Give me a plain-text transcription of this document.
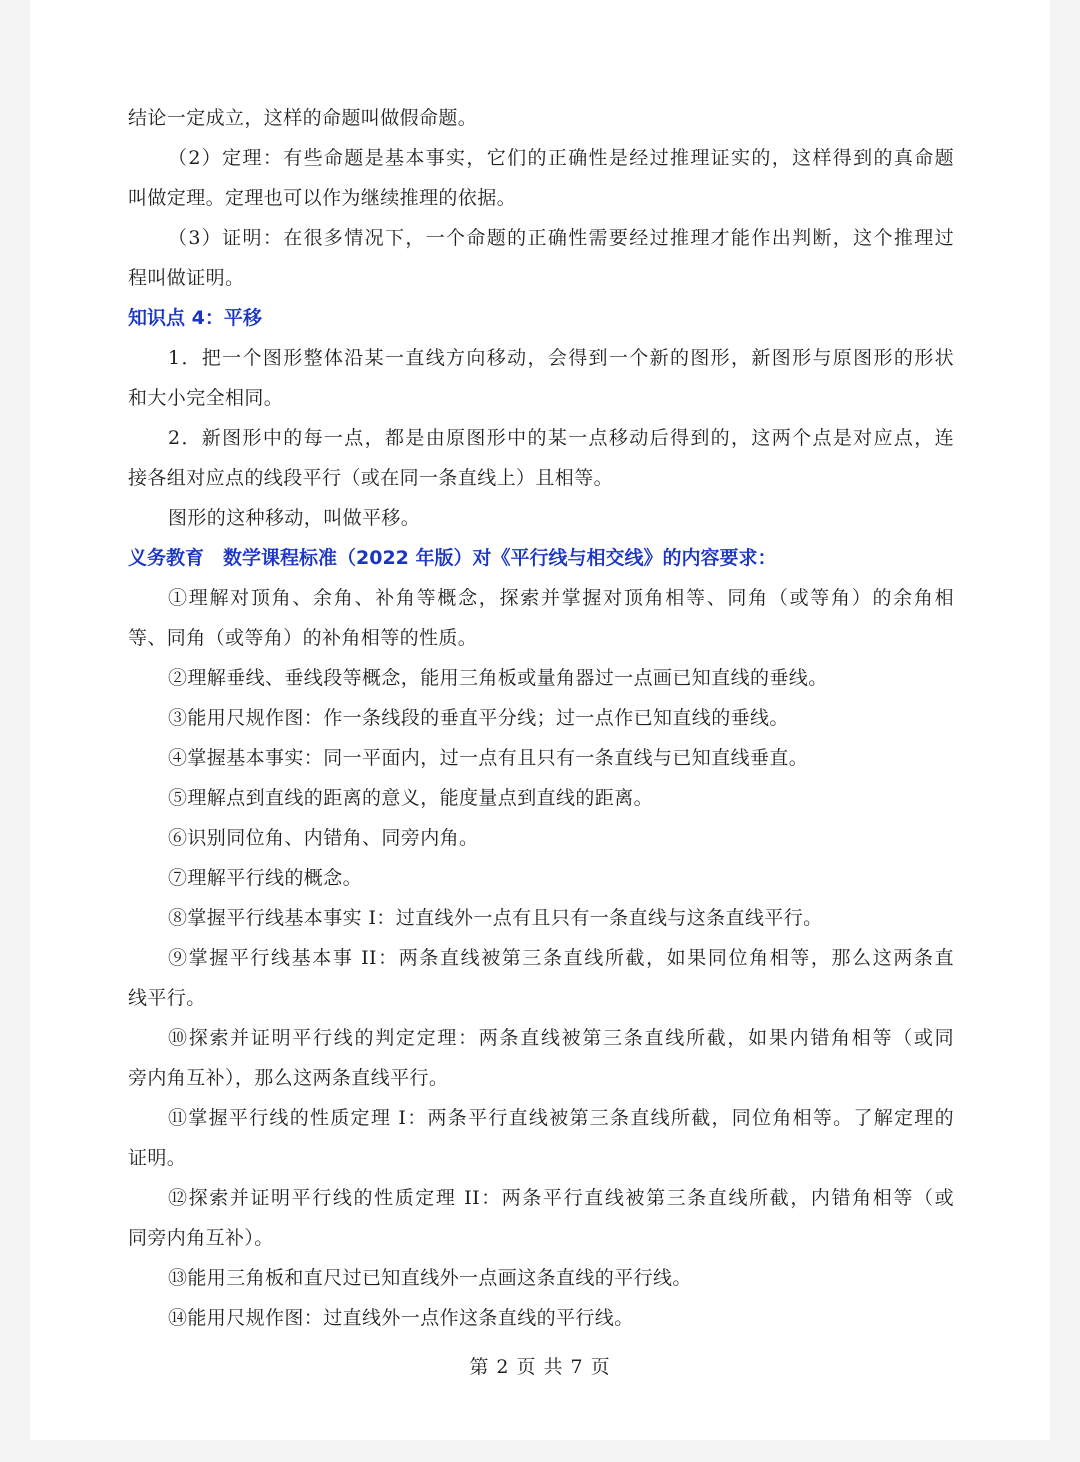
结论一定成立，这样的命题叫做假命题。
（2）定理：有些命题是基本事实，它们的正确性是经过推理证实的，这样得到的真命题
叫做定理。定理也可以作为继续推理的依据。
（3）证明：在很多情况下，一个命题的正确性需要经过推理才能作出判断，这个推理过
程叫做证明。
知识点 4：平移
1．把一个图形整体沿某一直线方向移动，会得到一个新的图形，新图形与原图形的形状
和大小完全相同。
2．新图形中的每一点，都是由原图形中的某一点移动后得到的，这两个点是对应点，连
接各组对应点的线段平行（或在同一条直线上）且相等。
图形的这种移动，叫做平移。
义务教育　数学课程标准（2022 年版）对《平行线与相交线》的内容要求：
①理解对顶角、余角、补角等概念，探索并掌握对顶角相等、同角（或等角）的余角相
等、同角（或等角）的补角相等的性质。
②理解垂线、垂线段等概念，能用三角板或量角器过一点画已知直线的垂线。
③能用尺规作图：作一条线段的垂直平分线；过一点作已知直线的垂线。
④掌握基本事实：同一平面内，过一点有且只有一条直线与已知直线垂直。
⑤理解点到直线的距离的意义，能度量点到直线的距离。
⑥识别同位角、内错角、同旁内角。
⑦理解平行线的概念。
⑧掌握平行线基本事实 I：过直线外一点有且只有一条直线与这条直线平行。
⑨掌握平行线基本事 II：两条直线被第三条直线所截，如果同位角相等，那么这两条直
线平行。
⑩探索并证明平行线的判定定理：两条直线被第三条直线所截，如果内错角相等（或同
旁内角互补），那么这两条直线平行。
⑪掌握平行线的性质定理 I：两条平行直线被第三条直线所截，同位角相等。了解定理的
证明。
⑫探索并证明平行线的性质定理 II：两条平行直线被第三条直线所截，内错角相等（或
同旁内角互补）。
⑬能用三角板和直尺过已知直线外一点画这条直线的平行线。
⑭能用尺规作图：过直线外一点作这条直线的平行线。
第 2 页 共 7 页
